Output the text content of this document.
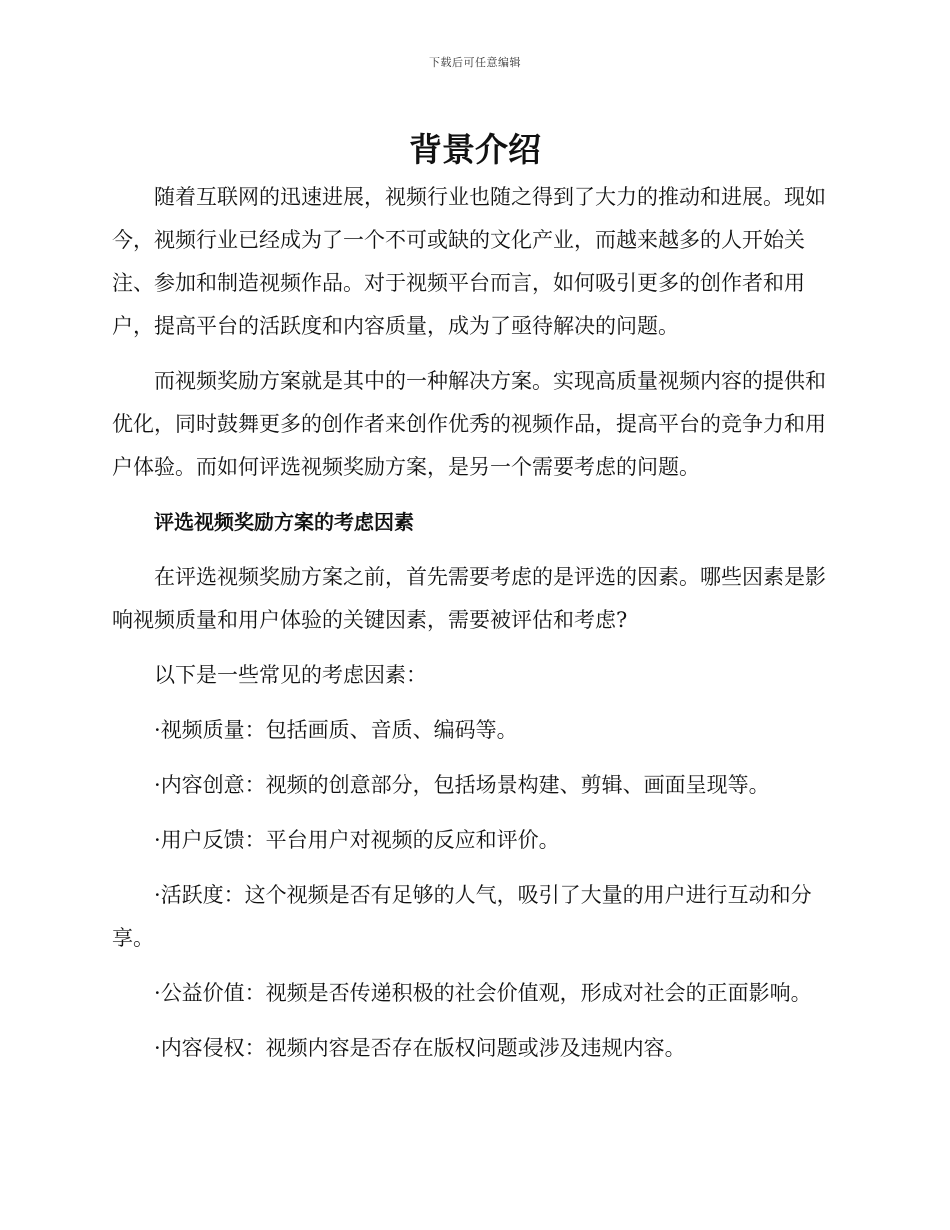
下载后可任意编辑
背景介绍

随着互联网的迅速进展，视频行业也随之得到了大力的推动和进展。现如今，视频行业已经成为了一个不可或缺的文化产业，而越来越多的人开始关注、参加和制造视频作品。对于视频平台而言，如何吸引更多的创作者和用户，提高平台的活跃度和内容质量，成为了亟待解决的问题。

而视频奖励方案就是其中的一种解决方案。实现高质量视频内容的提供和优化，同时鼓舞更多的创作者来创作优秀的视频作品，提高平台的竞争力和用户体验。而如何评选视频奖励方案，是另一个需要考虑的问题。

评选视频奖励方案的考虑因素

在评选视频奖励方案之前，首先需要考虑的是评选的因素。哪些因素是影响视频质量和用户体验的关键因素，需要被评估和考虑?

以下是一些常见的考虑因素：

·视频质量：包括画质、音质、编码等。

·内容创意：视频的创意部分，包括场景构建、剪辑、画面呈现等。

·用户反馈：平台用户对视频的反应和评价。

·活跃度：这个视频是否有足够的人气，吸引了大量的用户进行互动和分享。

·公益价值：视频是否传递积极的社会价值观，形成对社会的正面影响。

·内容侵权：视频内容是否存在版权问题或涉及违规内容。
